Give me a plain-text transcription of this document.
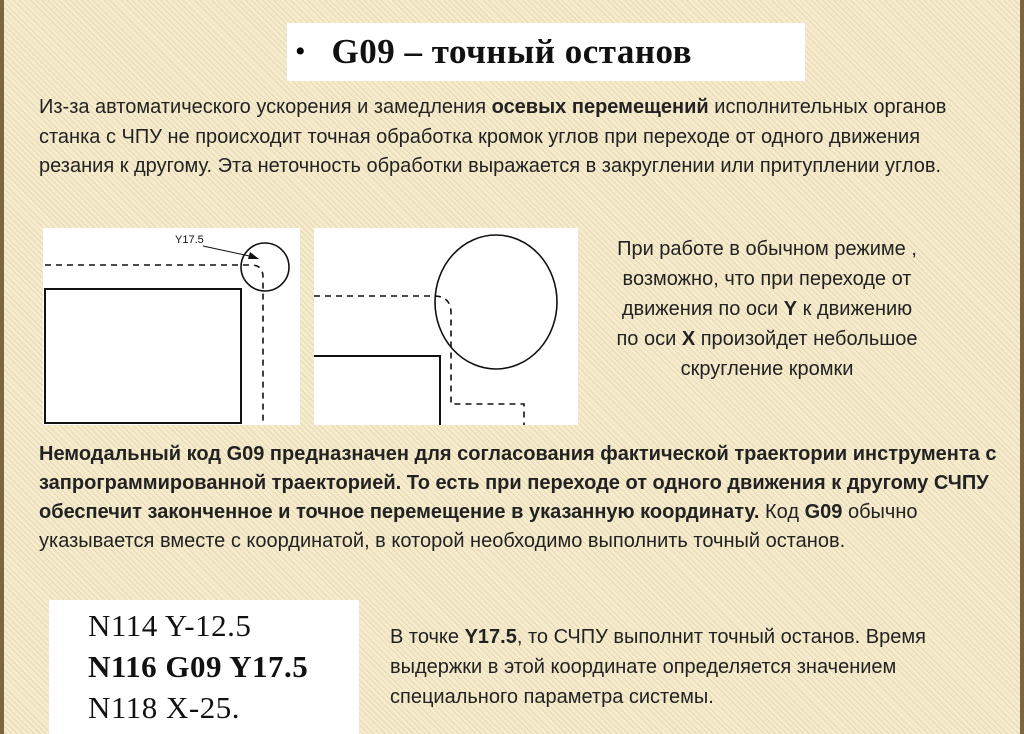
• G09 – точный останов
Из-за автоматического ускорения и замедления осевых перемещений исполнительных органов станка с ЧПУ не происходит точная обработка кромок углов при переходе от одного движения резания к другому. Эта неточность обработки выражается в закруглении или притуплении углов.
Y17.5	При работе в обычном режиме , возможно, что при переходе от движения по оси Y к движению по оси X произойдет небольшое скругление кромки
Немодальный код G09 предназначен для согласования фактической траектории инструмента с запрограммированной траекторией. То есть при переходе от одного движения к другому СЧПУ обеспечит законченное и точное перемещение в указанную координату. Код G09 обычно указывается вместе с координатой, в которой необходимо выполнить точный останов.
N114 Y-12.5
N116 G09 Y17.5
N118 X-25.
В точке Y17.5, то СЧПУ выполнит точный останов. Время выдержки в этой координате определяется значением специального параметра системы.
